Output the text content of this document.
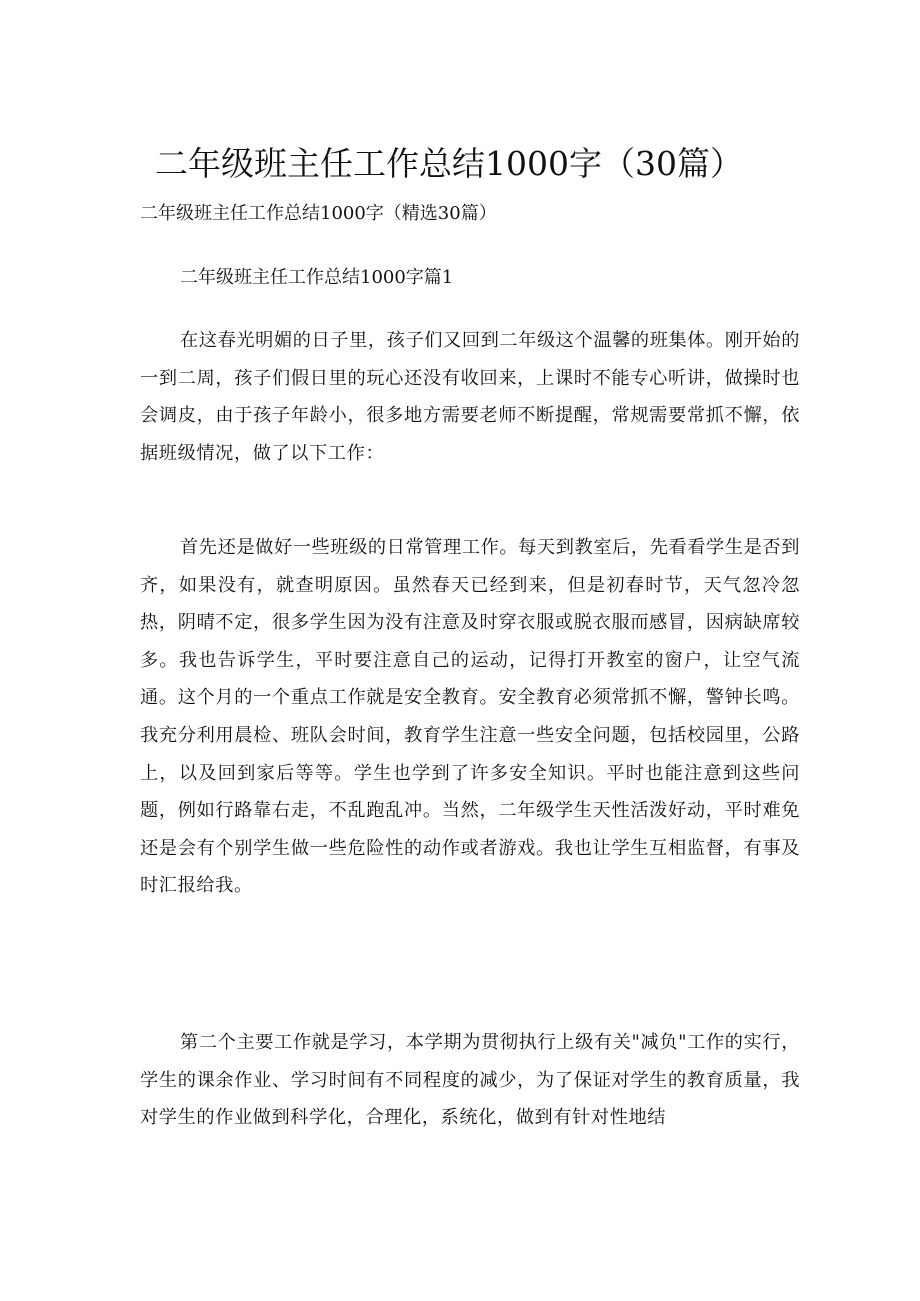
二年级班主任工作总结1000字（30篇）

二年级班主任工作总结1000字（精选30篇）

二年级班主任工作总结1000字篇1

在这春光明媚的日子里，孩子们又回到二年级这个温馨的班集体。刚开始的一到二周，孩子们假日里的玩心还没有收回来，上课时不能专心听讲，做操时也会调皮，由于孩子年龄小，很多地方需要老师不断提醒，常规需要常抓不懈，依据班级情况，做了以下工作：

首先还是做好一些班级的日常管理工作。每天到教室后，先看看学生是否到齐，如果没有，就查明原因。虽然春天已经到来，但是初春时节，天气忽冷忽热，阴晴不定，很多学生因为没有注意及时穿衣服或脱衣服而感冒，因病缺席较多。我也告诉学生，平时要注意自己的运动，记得打开教室的窗户，让空气流通。这个月的一个重点工作就是安全教育。安全教育必须常抓不懈，警钟长鸣。我充分利用晨检、班队会时间，教育学生注意一些安全问题，包括校园里，公路上，以及回到家后等等。学生也学到了许多安全知识。平时也能注意到这些问题，例如行路靠右走，不乱跑乱冲。当然，二年级学生天性活泼好动，平时难免还是会有个别学生做一些危险性的动作或者游戏。我也让学生互相监督，有事及时汇报给我。

第二个主要工作就是学习，本学期为贯彻执行上级有关"减负"工作的实行，学生的课余作业、学习时间有不同程度的减少，为了保证对学生的教育质量，我对学生的作业做到科学化，合理化，系统化，做到有针对性地结
